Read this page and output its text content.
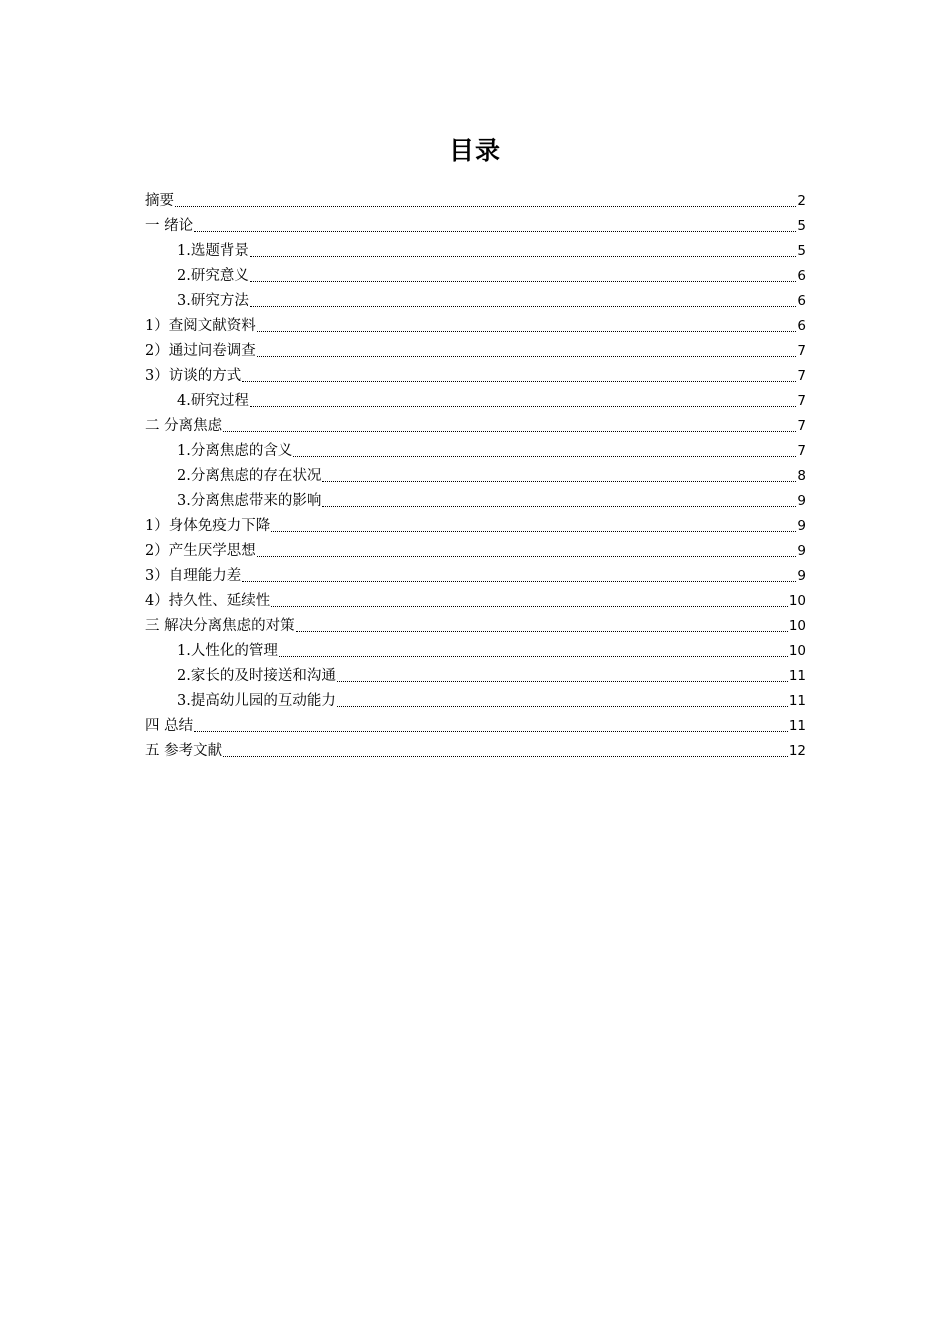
目录
摘要	2
一 绪论	5
1.选题背景	5
2.研究意义	6
3.研究方法	6
1）查阅文献资料	6
2）通过问卷调查	7
3）访谈的方式	7
4.研究过程	7
二 分离焦虑	7
1.分离焦虑的含义	7
2.分离焦虑的存在状况	8
3.分离焦虑带来的影响	9
1）身体免疫力下降	9
2）产生厌学思想	9
3）自理能力差	9
4）持久性、延续性	10
三 解决分离焦虑的对策	10
1.人性化的管理	10
2.家长的及时接送和沟通	11
3.提高幼儿园的互动能力	11
四 总结	11
五 参考文献	12
